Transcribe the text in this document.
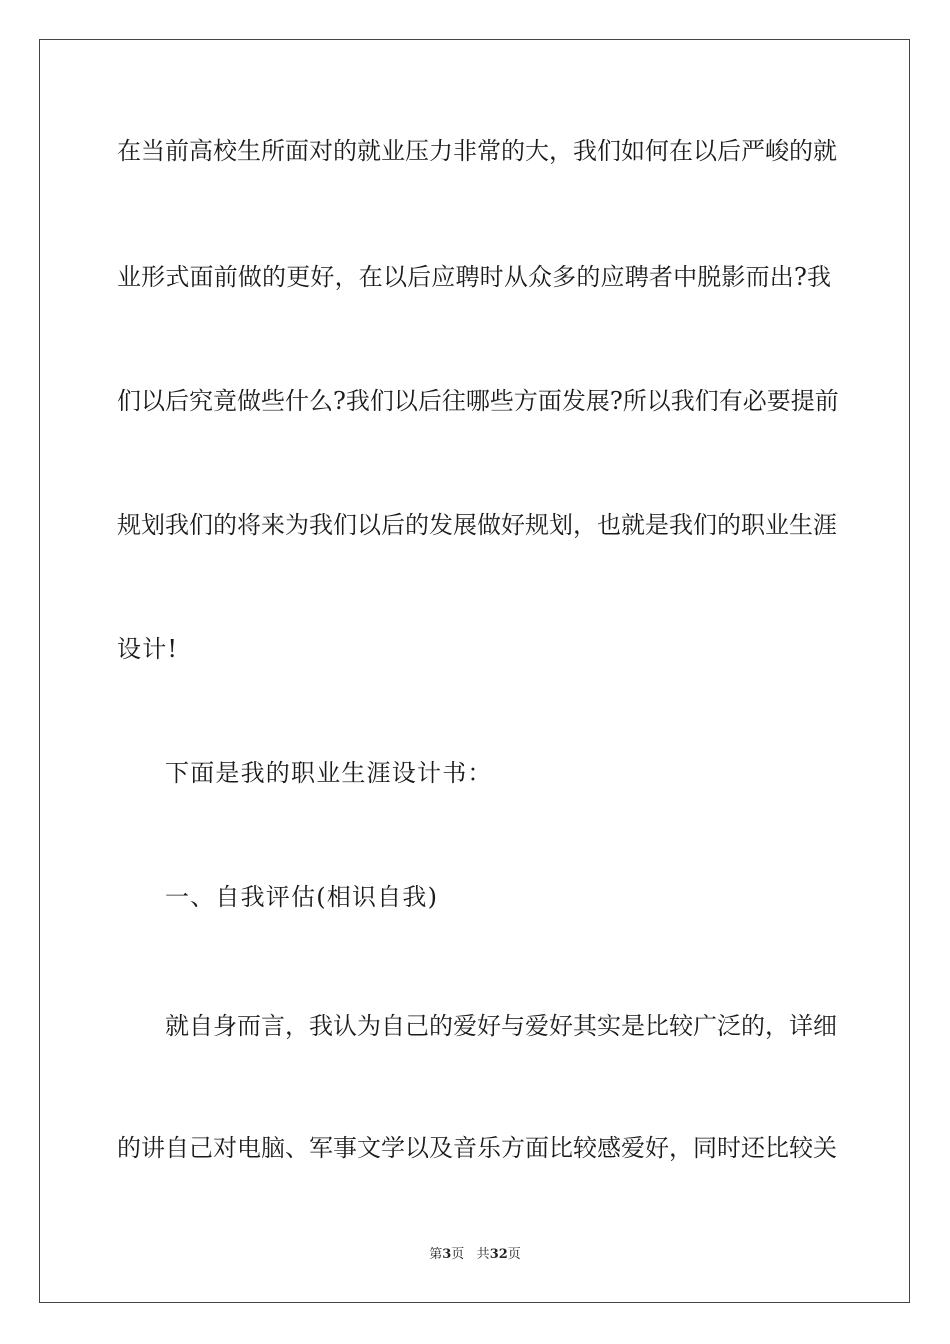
在当前高校生所面对的就业压力非常的大，我们如何在以后严峻的就
业形式面前做的更好，在以后应聘时从众多的应聘者中脱影而出?我
们以后究竟做些什么?我们以后往哪些方面发展?所以我们有必要提前
规划我们的将来为我们以后的发展做好规划，也就是我们的职业生涯
设计!
下面是我的职业生涯设计书：
一、自我评估(相识自我)
就自身而言，我认为自己的爱好与爱好其实是比较广泛的，详细
的讲自己对电脑、军事文学以及音乐方面比较感爱好，同时还比较关
第3页 共32页
